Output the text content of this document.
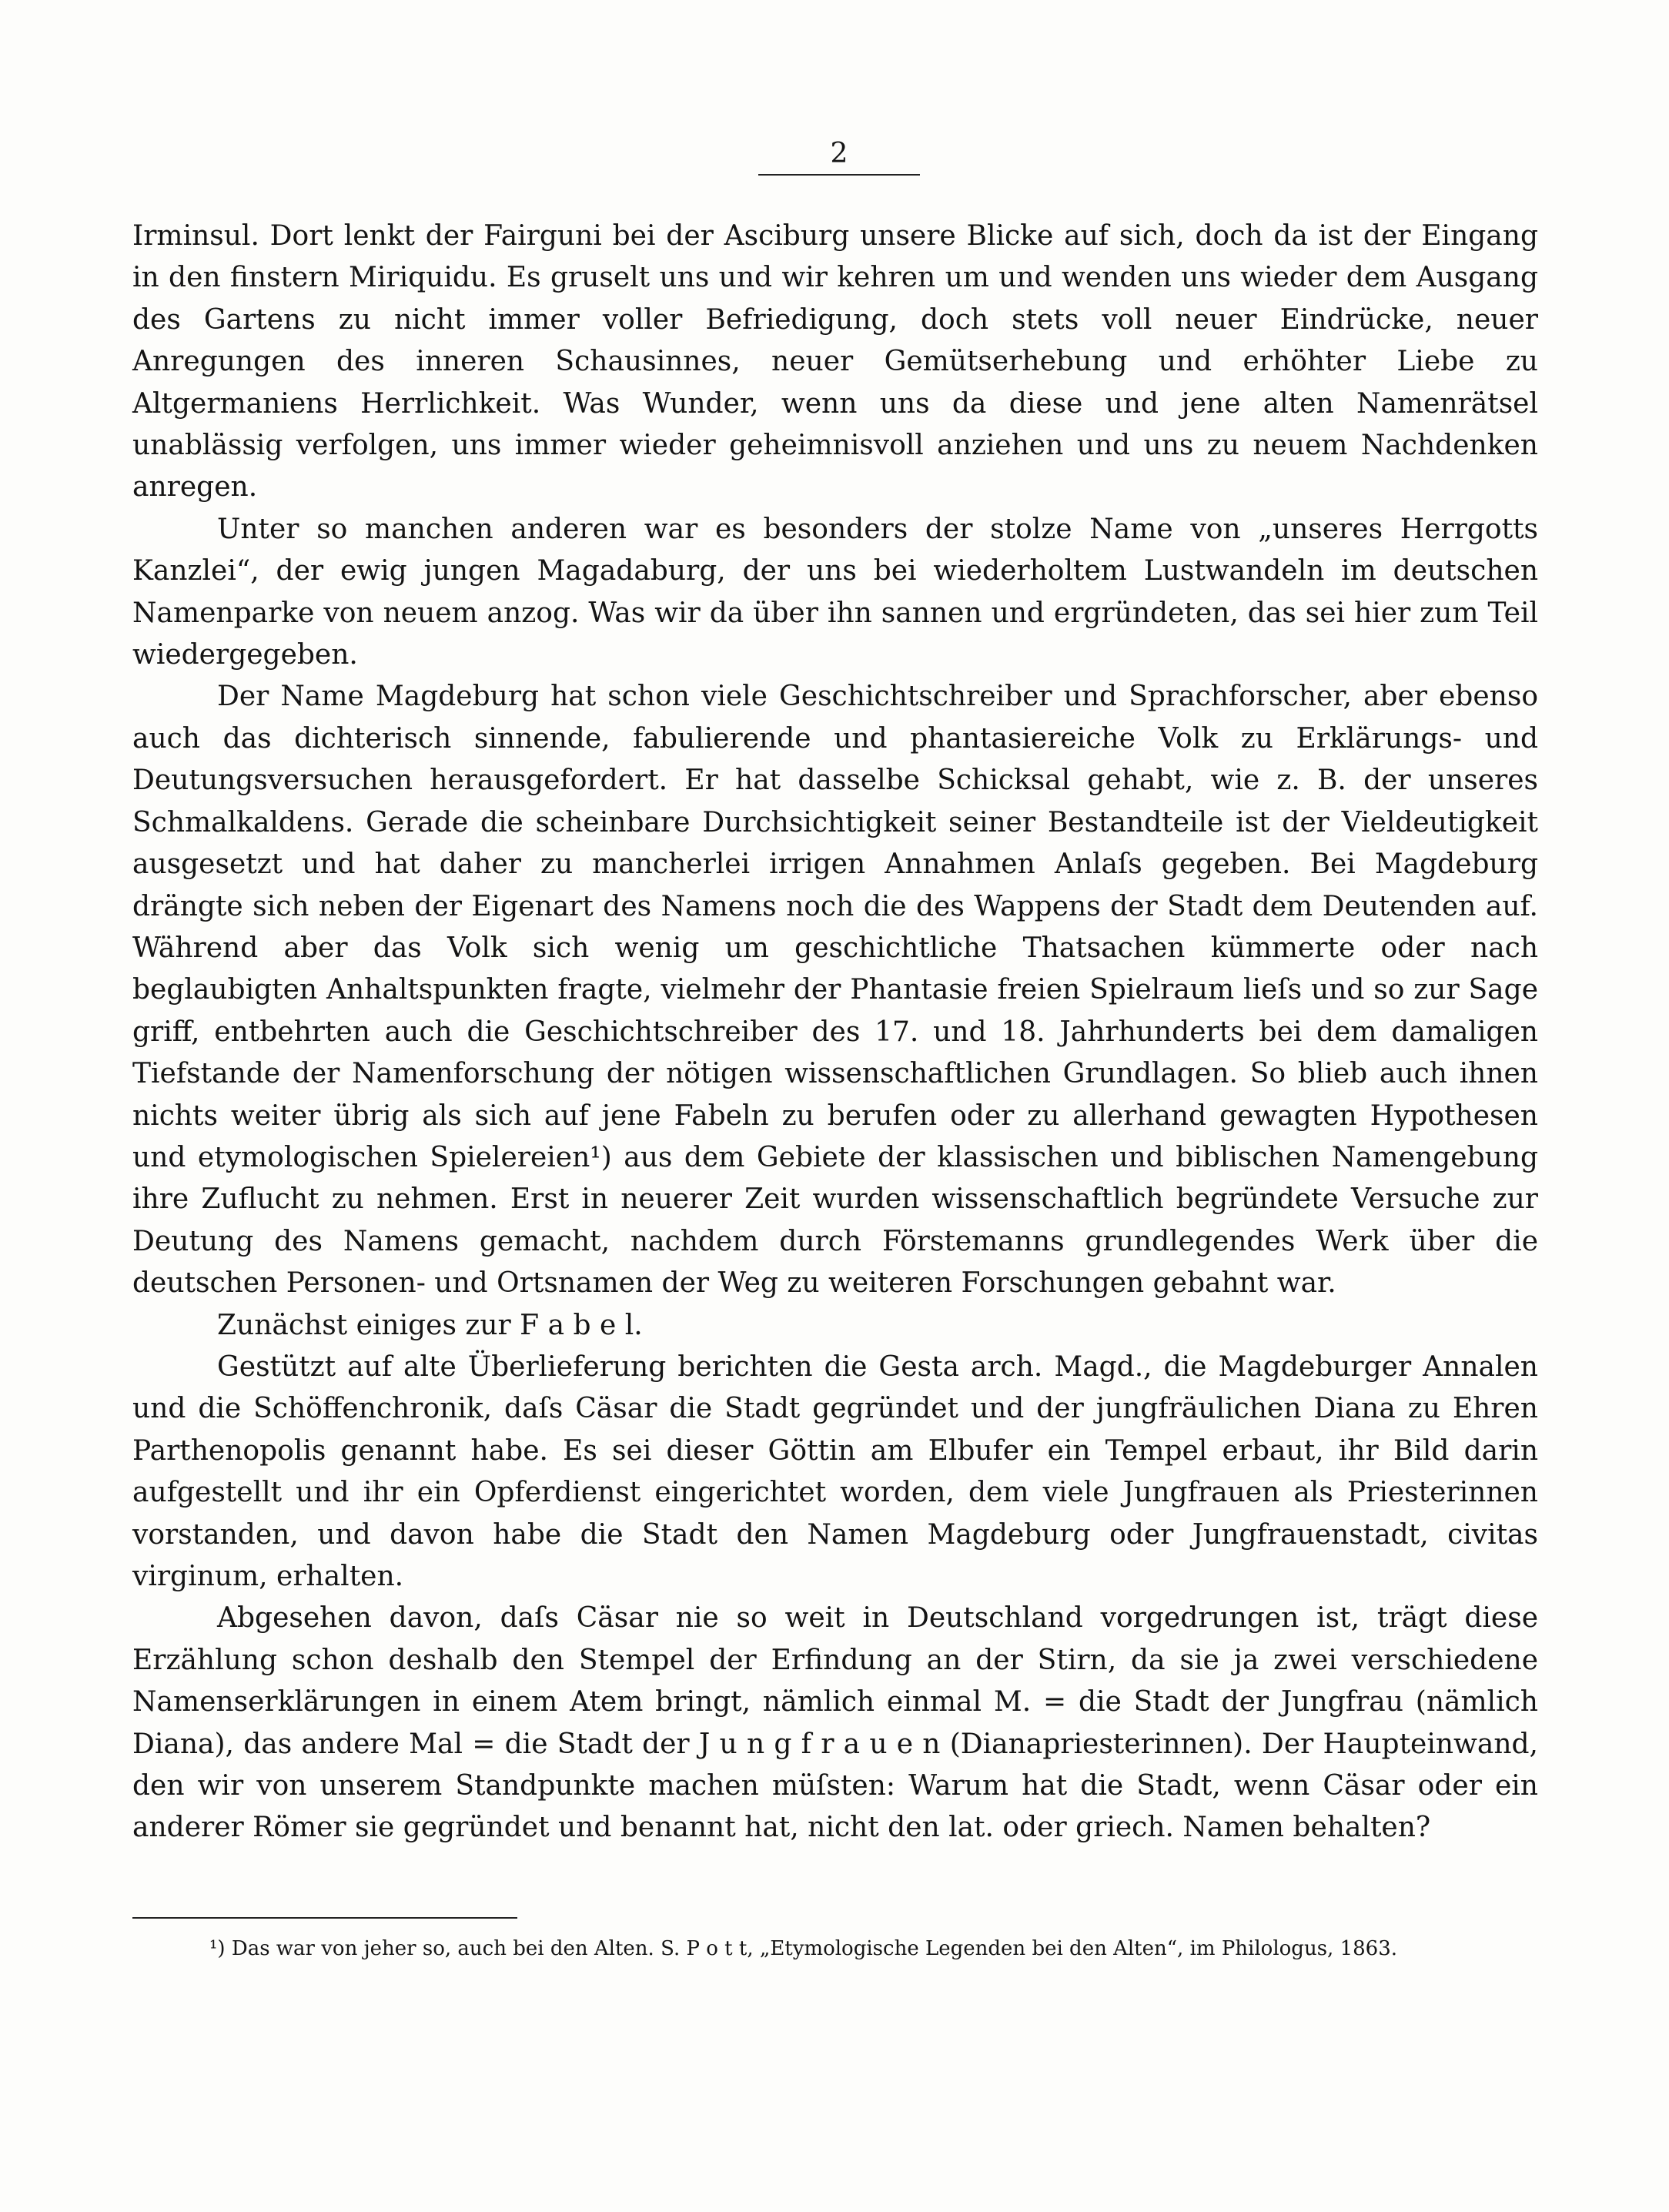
2

Irminsul. Dort lenkt der Fairguni bei der Asciburg unsere Blicke auf sich, doch da ist der Eingang in den finstern Miriquidu. Es gruselt uns und wir kehren um und wenden uns wieder dem Ausgang des Gartens zu nicht immer voller Befriedigung, doch stets voll neuer Eindrücke, neuer Anregungen des inneren Schausinnes, neuer Gemütserhebung und erhöhter Liebe zu Altgermaniens Herrlichkeit. Was Wunder, wenn uns da diese und jene alten Namenrätsel unablässig verfolgen, uns immer wieder geheimnisvoll anziehen und uns zu neuem Nachdenken anregen.

Unter so manchen anderen war es besonders der stolze Name von „unseres Herrgotts Kanzlei“, der ewig jungen Magadaburg, der uns bei wiederholtem Lustwandeln im deutschen Namenparke von neuem anzog. Was wir da über ihn sannen und ergründeten, das sei hier zum Teil wiedergegeben.

Der Name Magdeburg hat schon viele Geschichtschreiber und Sprachforscher, aber ebenso auch das dichterisch sinnende, fabulierende und phantasiereiche Volk zu Erklärungs- und Deutungsversuchen herausgefordert. Er hat dasselbe Schicksal gehabt, wie z. B. der unseres Schmalkaldens. Gerade die scheinbare Durchsichtigkeit seiner Bestandteile ist der Vieldeutigkeit ausgesetzt und hat daher zu mancherlei irrigen Annahmen Anlaſs gegeben. Bei Magdeburg drängte sich neben der Eigenart des Namens noch die des Wappens der Stadt dem Deutenden auf. Während aber das Volk sich wenig um geschichtliche Thatsachen kümmerte oder nach beglaubigten Anhaltspunkten fragte, vielmehr der Phantasie freien Spielraum lieſs und so zur Sage griff, entbehrten auch die Geschichtschreiber des 17. und 18. Jahrhunderts bei dem damaligen Tiefstande der Namenforschung der nötigen wissenschaftlichen Grundlagen. So blieb auch ihnen nichts weiter übrig als sich auf jene Fabeln zu berufen oder zu allerhand gewagten Hypothesen und etymologischen Spielereien¹) aus dem Gebiete der klassischen und biblischen Namengebung ihre Zuflucht zu nehmen. Erst in neuerer Zeit wurden wissenschaftlich begründete Versuche zur Deutung des Namens gemacht, nachdem durch Förstemanns grundlegendes Werk über die deutschen Personen- und Ortsnamen der Weg zu weiteren Forschungen gebahnt war.

Zunächst einiges zur F a b e l.

Gestützt auf alte Überlieferung berichten die Gesta arch. Magd., die Magdeburger Annalen und die Schöffenchronik, daſs Cäsar die Stadt gegründet und der jungfräulichen Diana zu Ehren Parthenopolis genannt habe. Es sei dieser Göttin am Elbufer ein Tempel erbaut, ihr Bild darin aufgestellt und ihr ein Opferdienst eingerichtet worden, dem viele Jungfrauen als Priesterinnen vorstanden, und davon habe die Stadt den Namen Magdeburg oder Jungfrauenstadt, civitas virginum, erhalten.

Abgesehen davon, daſs Cäsar nie so weit in Deutschland vorgedrungen ist, trägt diese Erzählung schon deshalb den Stempel der Erfindung an der Stirn, da sie ja zwei verschiedene Namenserklärungen in einem Atem bringt, nämlich einmal M. = die Stadt der Jungfrau (nämlich Diana), das andere Mal = die Stadt der J u n g f r a u e n (Dianapriesterinnen). Der Haupteinwand, den wir von unserem Standpunkte machen müſsten: Warum hat die Stadt, wenn Cäsar oder ein anderer Römer sie gegründet und benannt hat, nicht den lat. oder griech. Namen behalten?

¹) Das war von jeher so, auch bei den Alten. S. P o t t, „Etymologische Legenden bei den Alten“, im Philologus, 1863.
